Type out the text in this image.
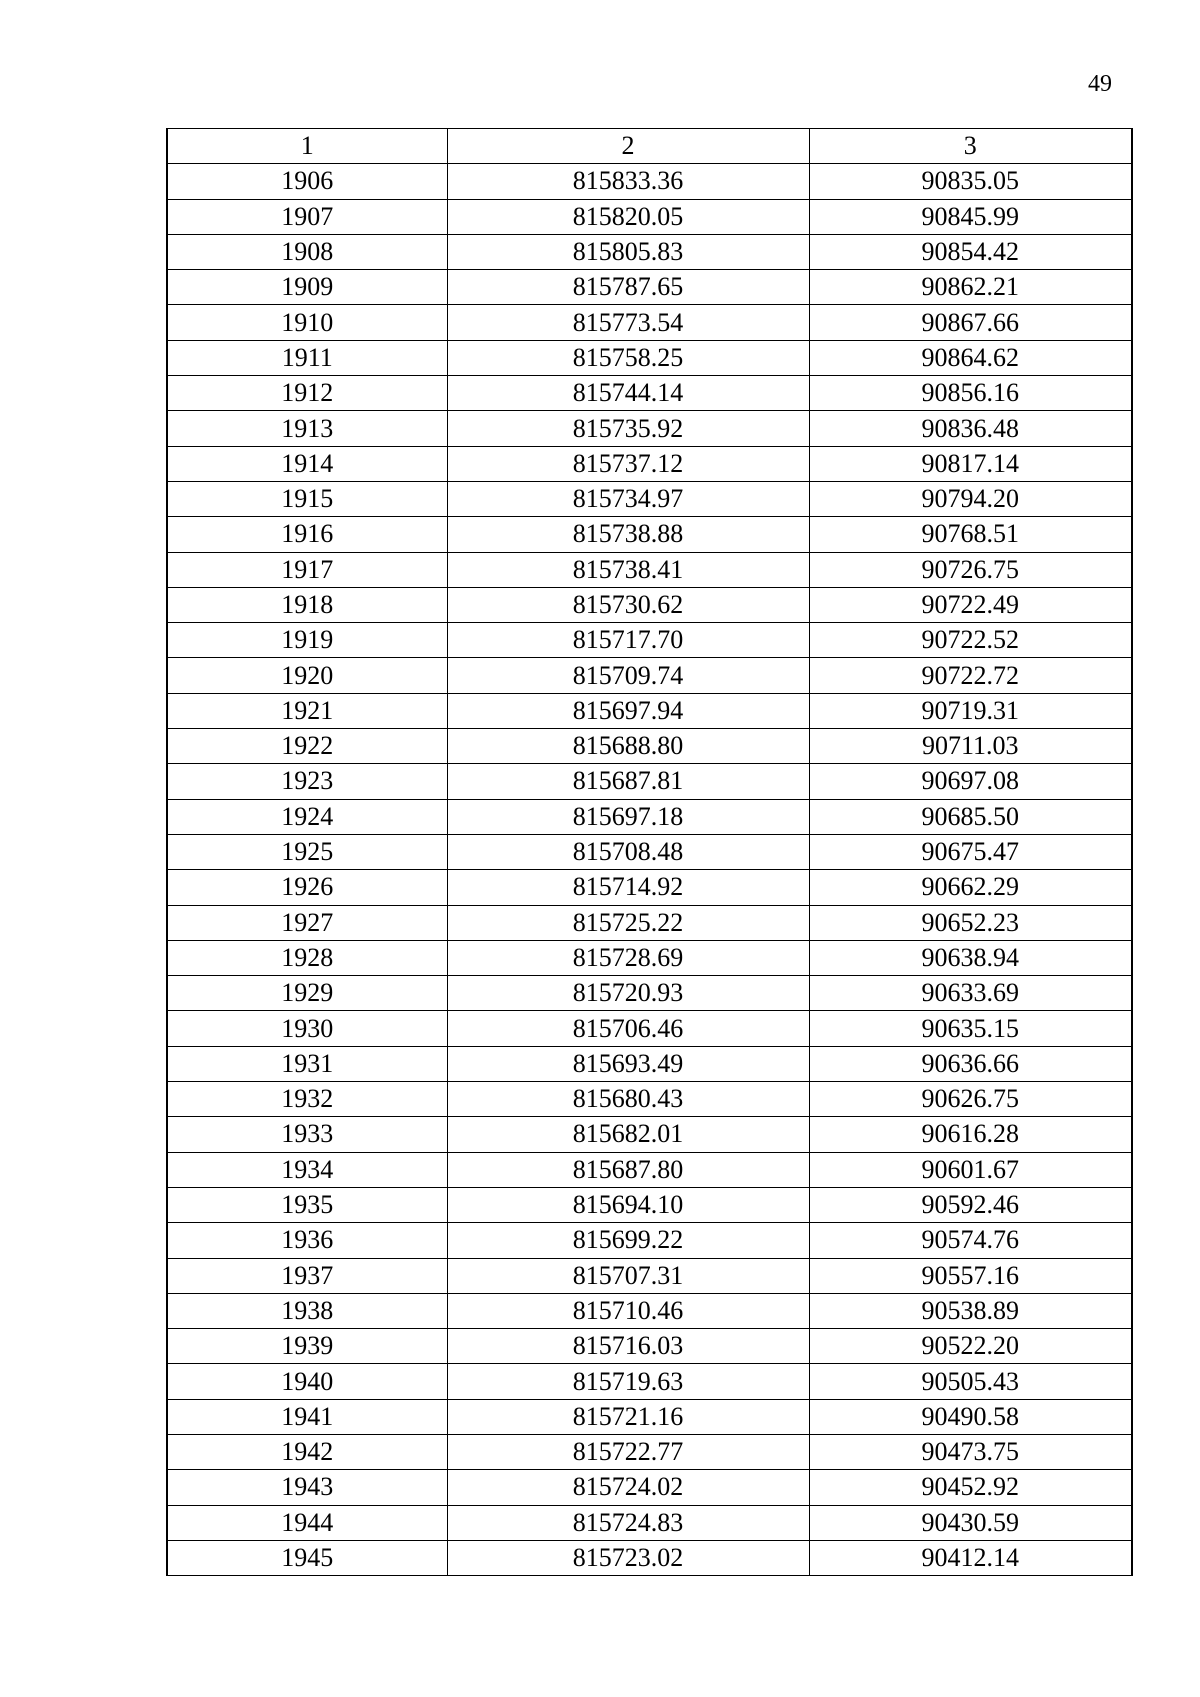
49
1	2	3
1906	815833.36	90835.05
1907	815820.05	90845.99
1908	815805.83	90854.42
1909	815787.65	90862.21
1910	815773.54	90867.66
1911	815758.25	90864.62
1912	815744.14	90856.16
1913	815735.92	90836.48
1914	815737.12	90817.14
1915	815734.97	90794.20
1916	815738.88	90768.51
1917	815738.41	90726.75
1918	815730.62	90722.49
1919	815717.70	90722.52
1920	815709.74	90722.72
1921	815697.94	90719.31
1922	815688.80	90711.03
1923	815687.81	90697.08
1924	815697.18	90685.50
1925	815708.48	90675.47
1926	815714.92	90662.29
1927	815725.22	90652.23
1928	815728.69	90638.94
1929	815720.93	90633.69
1930	815706.46	90635.15
1931	815693.49	90636.66
1932	815680.43	90626.75
1933	815682.01	90616.28
1934	815687.80	90601.67
1935	815694.10	90592.46
1936	815699.22	90574.76
1937	815707.31	90557.16
1938	815710.46	90538.89
1939	815716.03	90522.20
1940	815719.63	90505.43
1941	815721.16	90490.58
1942	815722.77	90473.75
1943	815724.02	90452.92
1944	815724.83	90430.59
1945	815723.02	90412.14
